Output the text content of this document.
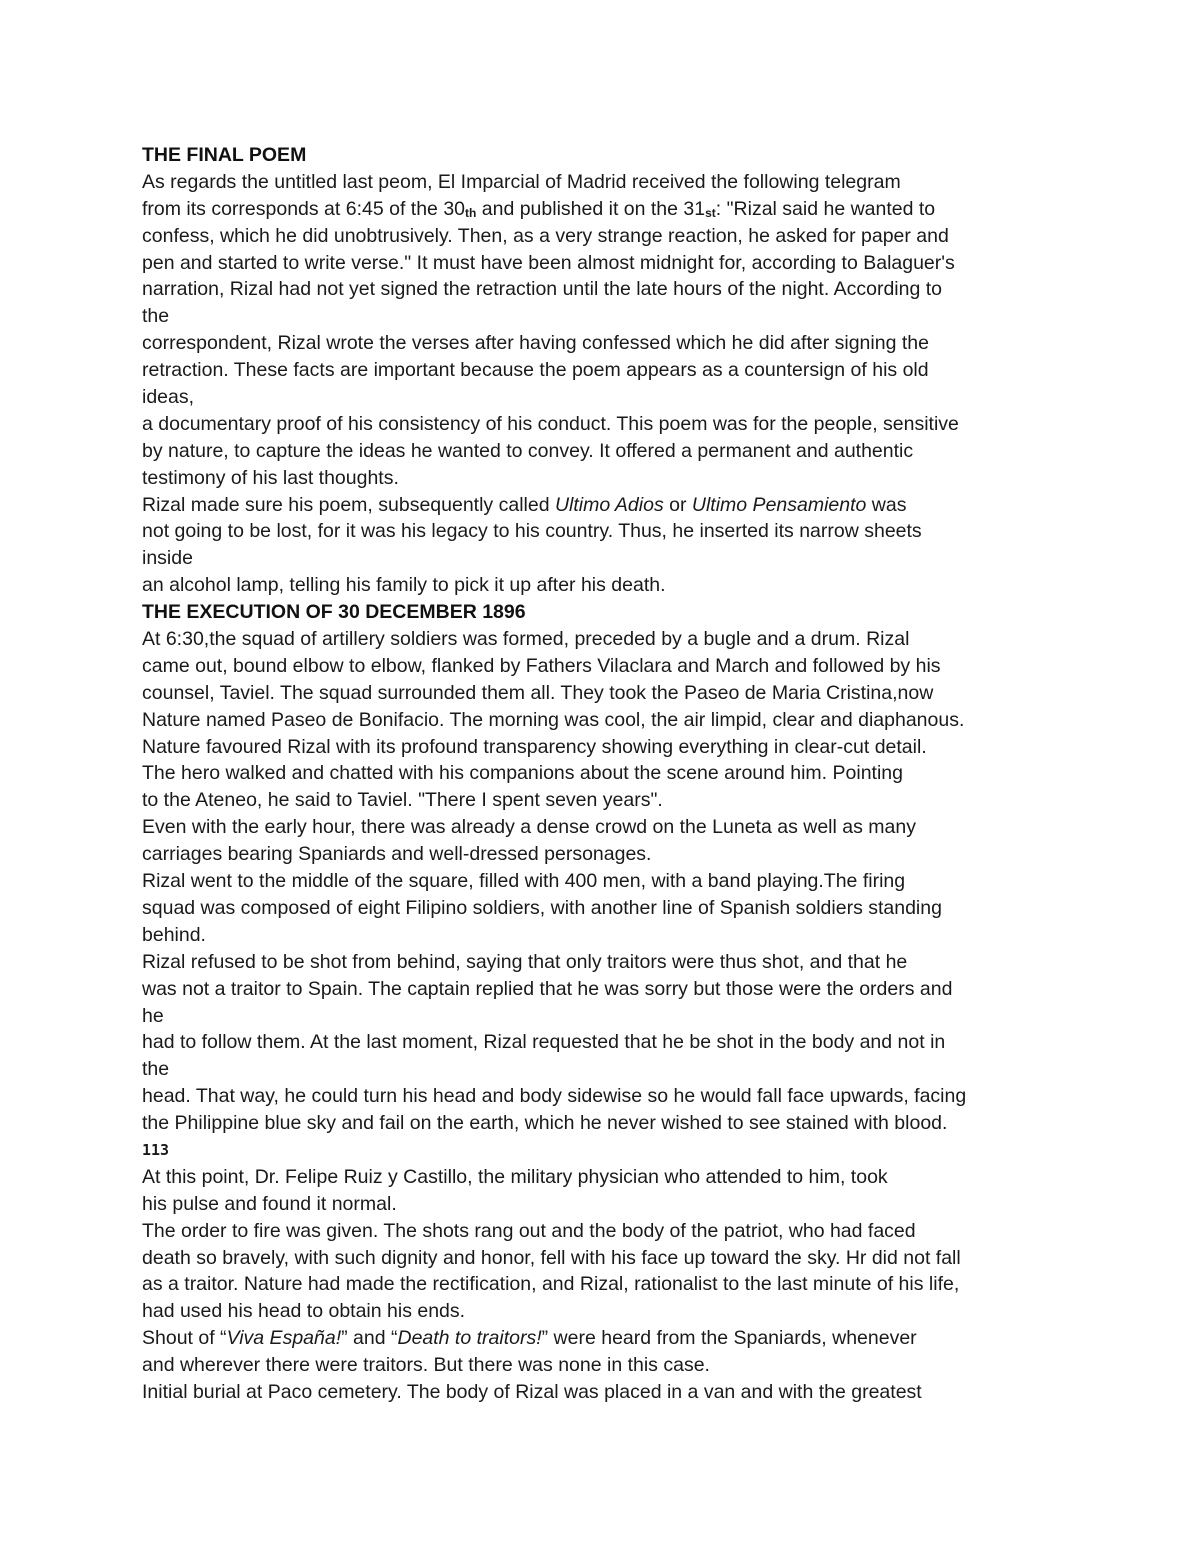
THE FINAL POEM
As regards the untitled last peom, El Imparcial of Madrid received the following telegram
from its corresponds at 6:45 of the 30th and published it on the 31st: "Rizal said he wanted to
confess, which he did unobtrusively. Then, as a very strange reaction, he asked for paper and
pen and started to write verse." It must have been almost midnight for, according to Balaguer's
narration, Rizal had not yet signed the retraction until the late hours of the night. According to
the
correspondent, Rizal wrote the verses after having confessed which he did after signing the
retraction. These facts are important because the poem appears as a countersign of his old
ideas,
a documentary proof of his consistency of his conduct. This poem was for the people, sensitive
by nature, to capture the ideas he wanted to convey. It offered a permanent and authentic
testimony of his last thoughts.
Rizal made sure his poem, subsequently called Ultimo Adios or Ultimo Pensamiento was
not going to be lost, for it was his legacy to his country. Thus, he inserted its narrow sheets
inside
an alcohol lamp, telling his family to pick it up after his death.
THE EXECUTION OF 30 DECEMBER 1896
At 6:30,the squad of artillery soldiers was formed, preceded by a bugle and a drum. Rizal
came out, bound elbow to elbow, flanked by Fathers Vilaclara and March and followed by his
counsel, Taviel. The squad surrounded them all. They took the Paseo de Maria Cristina,now
Nature named Paseo de Bonifacio. The morning was cool, the air limpid, clear and diaphanous.
Nature favoured Rizal with its profound transparency showing everything in clear-cut detail.
The hero walked and chatted with his companions about the scene around him. Pointing
to the Ateneo, he said to Taviel. "There I spent seven years".
Even with the early hour, there was already a dense crowd on the Luneta as well as many
carriages bearing Spaniards and well-dressed personages.
Rizal went to the middle of the square, filled with 400 men, with a band playing.The firing
squad was composed of eight Filipino soldiers, with another line of Spanish soldiers standing
behind.
Rizal refused to be shot from behind, saying that only traitors were thus shot, and that he
was not a traitor to Spain. The captain replied that he was sorry but those were the orders and
he
had to follow them. At the last moment, Rizal requested that he be shot in the body and not in
the
head. That way, he could turn his head and body sidewise so he would fall face upwards, facing
the Philippine blue sky and fail on the earth, which he never wished to see stained with blood.
113
At this point, Dr. Felipe Ruiz y Castillo, the military physician who attended to him, took
his pulse and found it normal.
The order to fire was given. The shots rang out and the body of the patriot, who had faced
death so bravely, with such dignity and honor, fell with his face up toward the sky. Hr did not fall
as a traitor. Nature had made the rectification, and Rizal, rationalist to the last minute of his life,
had used his head to obtain his ends.
Shout of “Viva España!” and “Death to traitors!” were heard from the Spaniards, whenever
and wherever there were traitors. But there was none in this case.
Initial burial at Paco cemetery. The body of Rizal was placed in a van and with the greatest
